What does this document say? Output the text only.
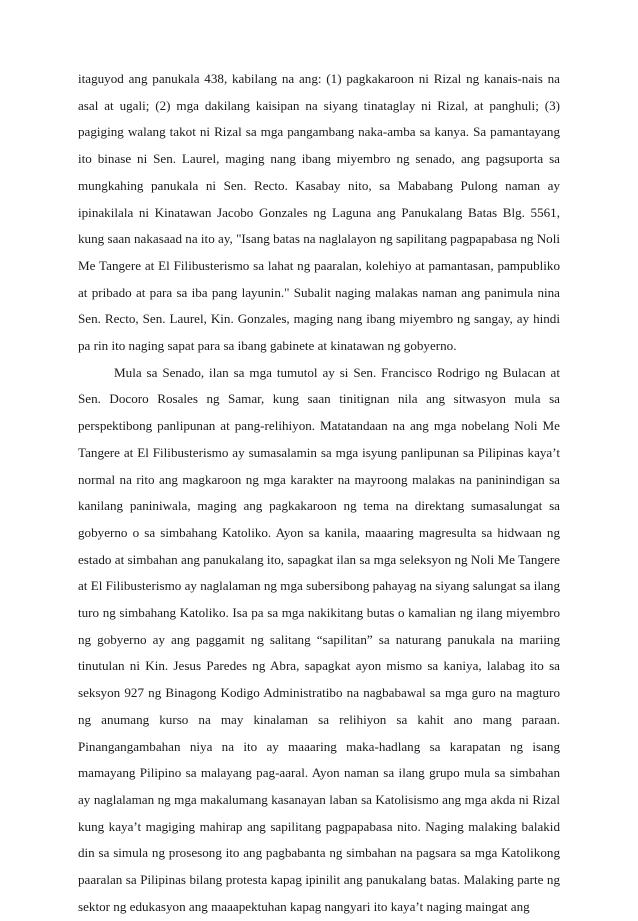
itaguyod ang panukala 438, kabilang na ang: (1) pagkakaroon ni Rizal ng kanais-nais na asal at ugali; (2) mga dakilang kaisipan na siyang tinataglay ni Rizal, at panghuli; (3) pagiging walang takot ni Rizal sa mga pangambang naka-amba sa kanya. Sa pamantayang ito binase ni Sen. Laurel, maging nang ibang miyembro ng senado, ang pagsuporta sa mungkahing panukala ni Sen. Recto. Kasabay nito, sa Mababang Pulong naman ay ipinakilala ni Kinatawan Jacobo Gonzales ng Laguna ang Panukalang Batas Blg. 5561, kung saan nakasaad na ito ay, "Isang batas na naglalayon ng sapilitang pagpapabasa ng Noli Me Tangere at El Filibusterismo sa lahat ng paaralan, kolehiyo at pamantasan, pampubliko at pribado at para sa iba pang layunin." Subalit naging malakas naman ang panimula nina Sen. Recto, Sen. Laurel, Kin. Gonzales, maging nang ibang miyembro ng sangay, ay hindi pa rin ito naging sapat para sa ibang gabinete at kinatawan ng gobyerno.

Mula sa Senado, ilan sa mga tumutol ay si Sen. Francisco Rodrigo ng Bulacan at Sen. Docoro Rosales ng Samar, kung saan tinitignan nila ang sitwasyon mula sa perspektibong panlipunan at pang-relihiyon. Matatandaan na ang mga nobelang Noli Me Tangere at El Filibusterismo ay sumasalamin sa mga isyung panlipunan sa Pilipinas kaya’t normal na rito ang magkaroon ng mga karakter na mayroong malakas na paninindigan sa kanilang paniniwala, maging ang pagkakaroon ng tema na direktang sumasalungat sa gobyerno o sa simbahang Katoliko. Ayon sa kanila, maaaring magresulta sa hidwaan ng estado at simbahan ang panukalang ito, sapagkat ilan sa mga seleksyon ng Noli Me Tangere at El Filibusterismo ay naglalaman ng mga subersibong pahayag na siyang salungat sa ilang turo ng simbahang Katoliko. Isa pa sa mga nakikitang butas o kamalian ng ilang miyembro ng gobyerno ay ang paggamit ng salitang “sapilitan” sa naturang panukala na mariing tinutulan ni Kin. Jesus Paredes ng Abra, sapagkat ayon mismo sa kaniya, lalabag ito sa seksyon 927 ng Binagong Kodigo Administratibo na nagbabawal sa mga guro na magturo ng anumang kurso na may kinalaman sa relihiyon sa kahit ano mang paraan. Pinangangambahan niya na ito ay maaaring maka-hadlang sa karapatan ng isang mamayang Pilipino sa malayang pag-aaral. Ayon naman sa ilang grupo mula sa simbahan ay naglalaman ng mga makalumang kasanayan laban sa Katolisismo ang mga akda ni Rizal kung kaya’t magiging mahirap ang sapilitang pagpapabasa nito. Naging malaking balakid din sa simula ng prosesong ito ang pagbabanta ng simbahan na pagsara sa mga Katolikong paaralan sa Pilipinas bilang protesta kapag ipinilit ang panukalang batas. Malaking parte ng sektor ng edukasyon ang maaapektuhan kapag nangyari ito kaya’t naging maingat ang
